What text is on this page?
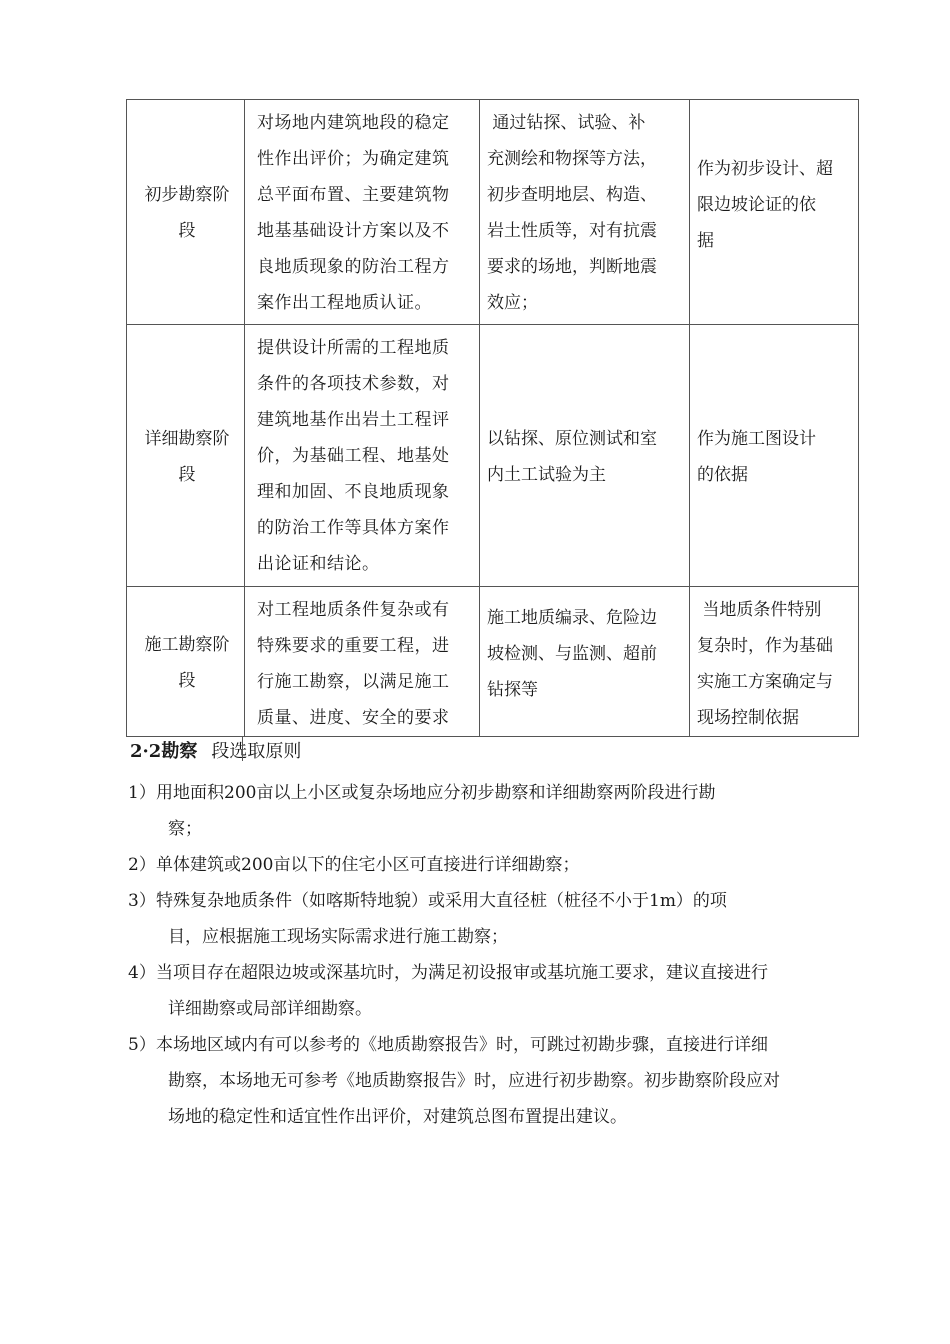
初步勘察阶
段
对场地内建筑地段的稳定
性作出评价；为确定建筑
总平面布置、主要建筑物
地基基础设计方案以及不
良地质现象的防治工程方
案作出工程地质认证。
通过钻探、试验、补
充测绘和物探等方法，
初步查明地层、构造、
岩土性质等，对有抗震
要求的场地，判断地震
效应；
作为初步设计、超
限边坡论证的依
据
详细勘察阶
段
提供设计所需的工程地质
条件的各项技术参数，对
建筑地基作出岩土工程评
价，为基础工程、地基处
理和加固、不良地质现象
的防治工作等具体方案作
出论证和结论。
以钻探、原位测试和室
内土工试验为主
作为施工图设计
的依据
施工勘察阶
段
对工程地质条件复杂或有
特殊要求的重要工程，进
行施工勘察，以满足施工
质量、进度、安全的要求
施工地质编录、危险边
坡检测、与监测、超前
钻探等
当地质条件特别
复杂时，作为基础
实施工方案确定与
现场控制依据
2·2勘察 段选取原则
1） 用地面积200亩以上小区或复杂场地应分初步勘察和详细勘察两阶段进行勘
察；
2） 单体建筑或200亩以下的住宅小区可直接进行详细勘察；
3） 特殊复杂地质条件（如喀斯特地貌）或采用大直径桩（桩径不小于1m）的项
目，应根据施工现场实际需求进行施工勘察；
4） 当项目存在超限边坡或深基坑时，为满足初设报审或基坑施工要求，建议直接进行
详细勘察或局部详细勘察。
5） 本场地区域内有可以参考的《地质勘察报告》时，可跳过初勘步骤，直接进行详细
勘察，本场地无可参考《地质勘察报告》时，应进行初步勘察。初步勘察阶段应对
场地的稳定性和适宜性作出评价，对建筑总图布置提出建议。
